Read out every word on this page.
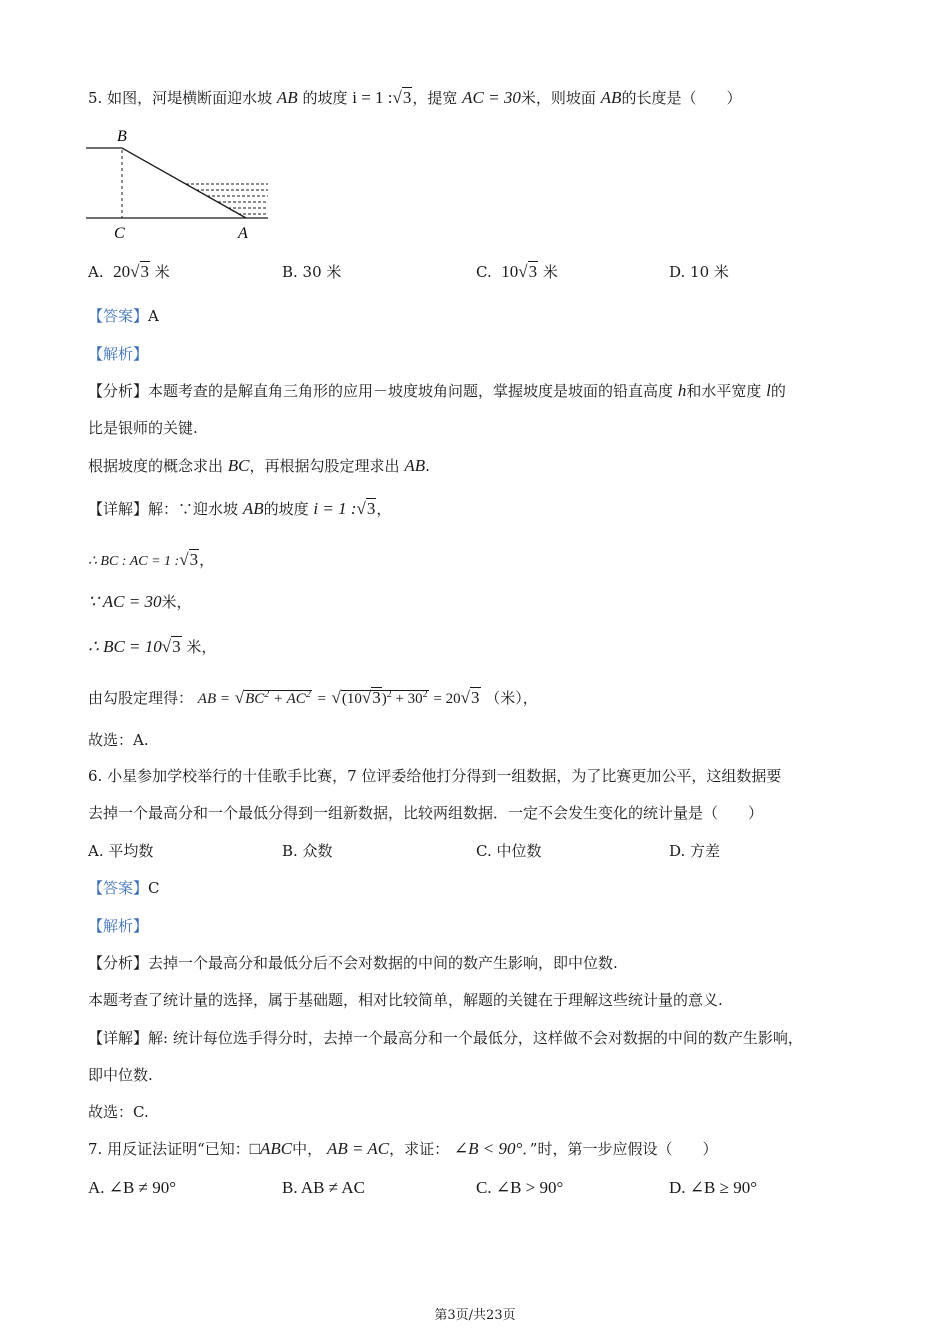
5. 如图，河堤横断面迎水坡 AB 的坡度 i = 1 :√3，提宽 AC = 30米，则坡面 AB的长度是（　　）
B
C	A
A. 20√3 米	B. 30 米	C. 10√3 米	D. 10 米
【答案】A
【解析】
【分析】本题考查的是解直角三角形的应用－坡度坡角问题，掌握坡度是坡面的铅直高度 h和水平宽度 l的
比是银师的关键.
根据坡度的概念求出 BC，再根据勾股定理求出 AB.
【详解】解：∵迎水坡 AB的坡度 i = 1 :√3，
∴ BC : AC = 1 :√3，
∵ AC = 30米，
∴ BC = 10√3 米，
由勾股定理得： AB = $√BC^2 + AC^2 = √(10√3)^2 + 30^2 = 20√3$ （米），
故选：A.
6. 小星参加学校举行的十佳歌手比赛，7 位评委给他打分得到一组数据，为了比赛更加公平，这组数据要
去掉一个最高分和一个最低分得到一组新数据，比较两组数据．一定不会发生变化的统计量是（　　）
A. 平均数	B. 众数	C. 中位数	D. 方差
【答案】C
【解析】
【分析】去掉一个最高分和最低分后不会对数据的中间的数产生影响，即中位数.
本题考查了统计量的选择，属于基础题，相对比较简单，解题的关键在于理解这些统计量的意义.
【详解】解: 统计每位选手得分时，去掉一个最高分和一个最低分，这样做不会对数据的中间的数产生影响，
即中位数.
故选：C.
7. 用反证法证明“已知：□ABC中， AB = AC，求证： ∠B < 90°．”时，第一步应假设（　　）
A. ∠B ≠ 90°	B. AB ≠ AC	C. ∠B > 90°	D. ∠B ≥ 90°
第3页/共23页
